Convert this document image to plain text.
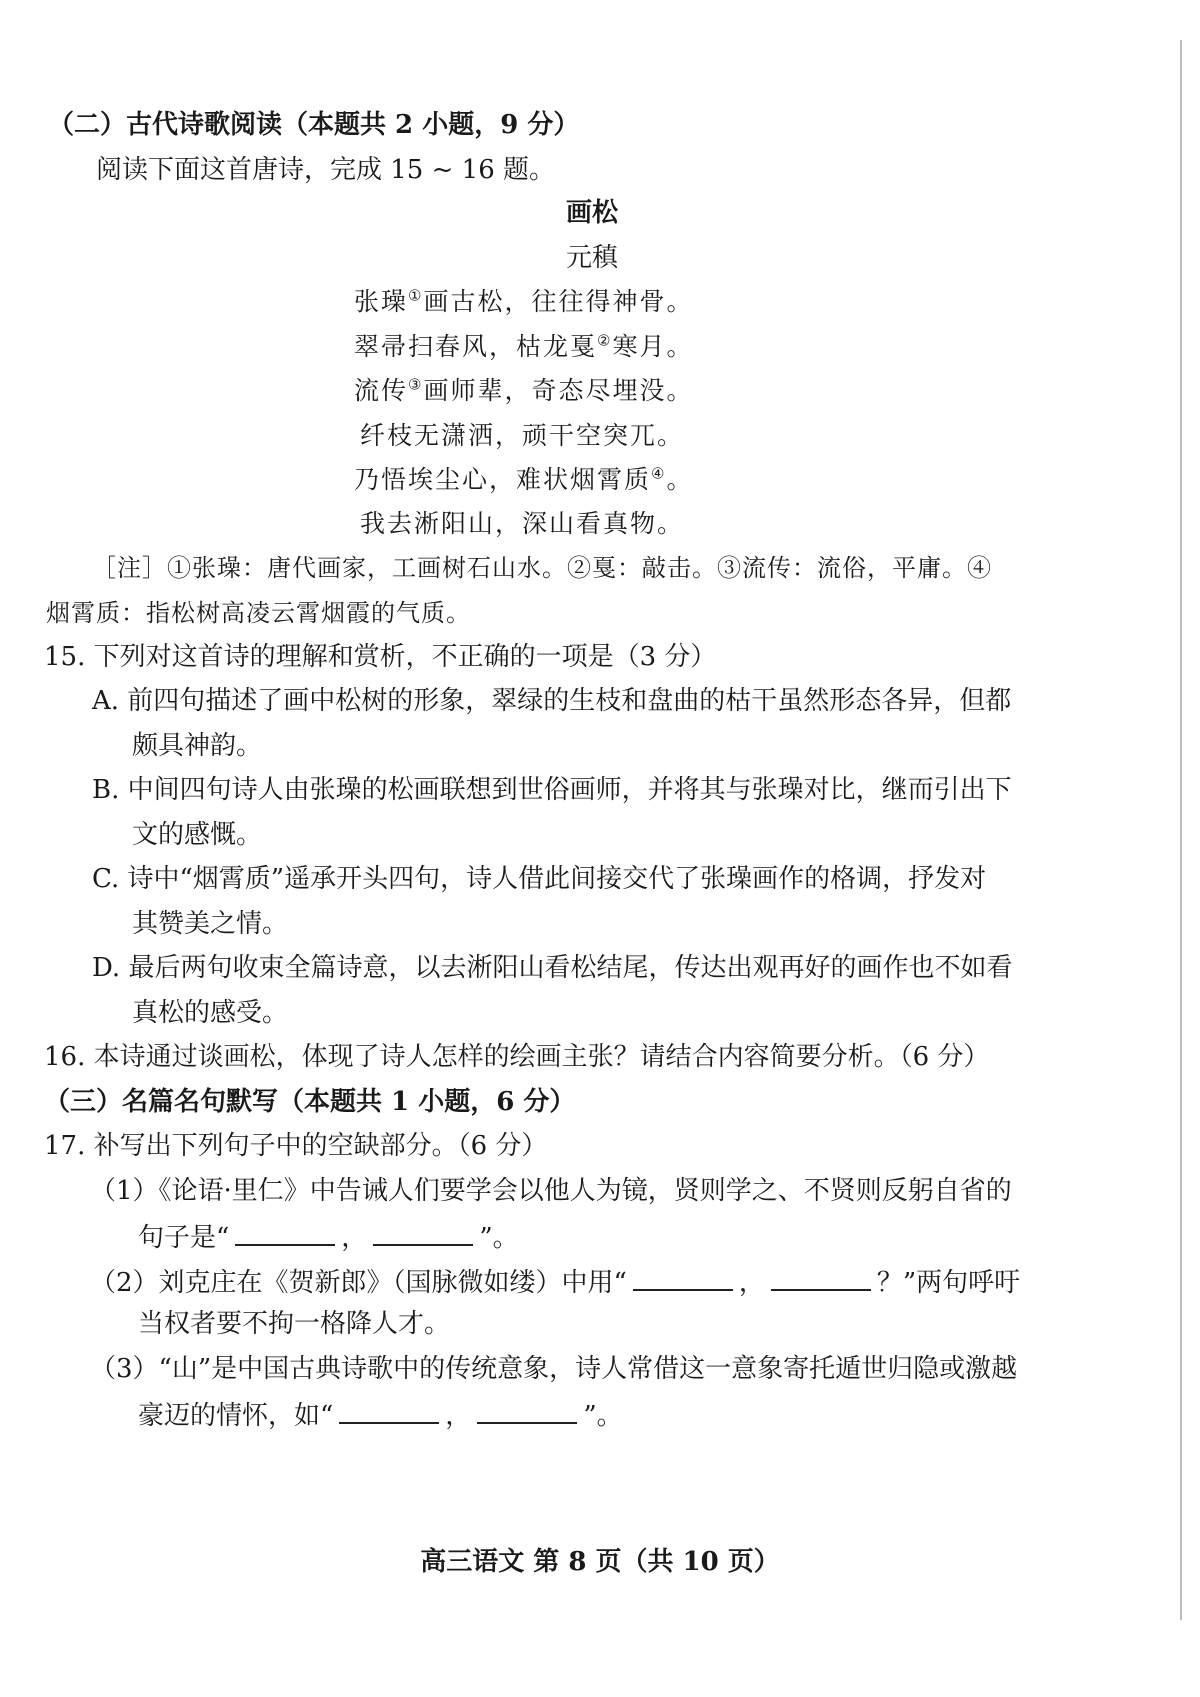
（二）古代诗歌阅读（本题共 2 小题，9 分）
阅读下面这首唐诗，完成 15 ~ 16 题。
画松
元稹
张璪①画古松，往往得神骨。
翠帚扫春风，枯龙戛②寒月。
流传③画师辈，奇态尽埋没。
纤枝无潇洒，顽干空突兀。
乃悟埃尘心，难状烟霄质④。
我去淅阳山，深山看真物。
［注］①张璪：唐代画家，工画树石山水。②戛：敲击。③流传：流俗，平庸。④
烟霄质：指松树高凌云霄烟霞的气质。
15. 下列对这首诗的理解和赏析，不正确的一项是（3 分）
A. 前四句描述了画中松树的形象，翠绿的生枝和盘曲的枯干虽然形态各异，但都
颇具神韵。
B. 中间四句诗人由张璪的松画联想到世俗画师，并将其与张璪对比，继而引出下
文的感慨。
C. 诗中“烟霄质”遥承开头四句，诗人借此间接交代了张璪画作的格调，抒发对
其赞美之情。
D. 最后两句收束全篇诗意，以去淅阳山看松结尾，传达出观再好的画作也不如看
真松的感受。
16. 本诗通过谈画松，体现了诗人怎样的绘画主张？请结合内容简要分析。（6 分）
（三）名篇名句默写（本题共 1 小题，6 分）
17. 补写出下列句子中的空缺部分。（6 分）
（1）《论语·里仁》中告诫人们要学会以他人为镜，贤则学之、不贤则反躬自省的
句子是“	，	”。
（2）刘克庄在《贺新郎》（国脉微如缕）中用“	，	？”两句呼吁
当权者要不拘一格降人才。
（3）“山”是中国古典诗歌中的传统意象，诗人常借这一意象寄托遁世归隐或激越
豪迈的情怀，如“	，	”。
高三语文 第 8 页（共 10 页）
